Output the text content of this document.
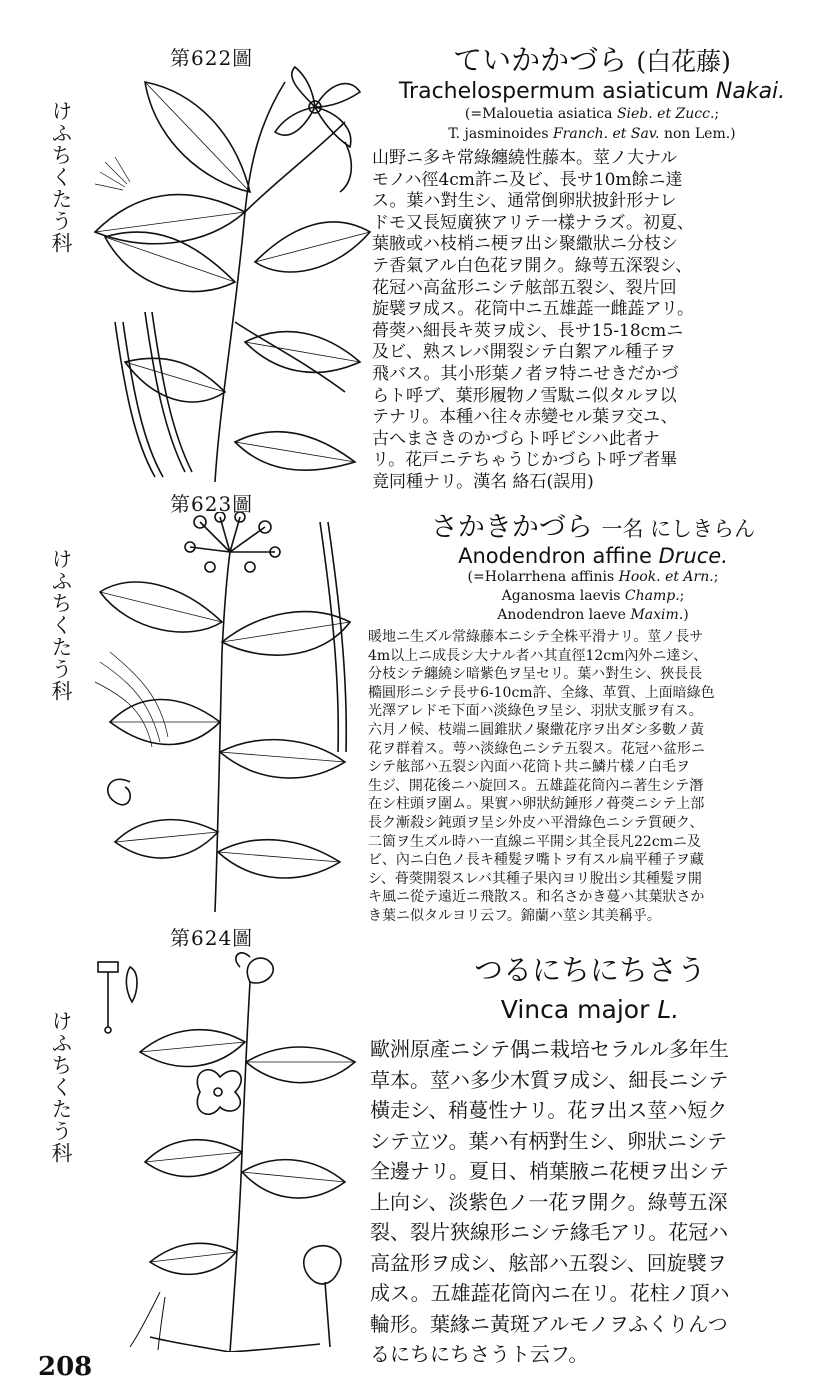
第622圖
けふちくたう科
ていかかづら (白花藤)
Trachelospermum asiaticum Nakai.
(=Malouetia asiatica Sieb. et Zucc.;
T. jasminoides Franch. et Sav. non Lem.)
山野ニ多キ常綠纏繞性藤本。莖ノ大ナル
モノハ徑4cm許ニ及ビ、長サ10m餘ニ達
ス。葉ハ對生シ、通常倒卵狀披針形ナレ
ドモ又長短廣狹アリテ一樣ナラズ。初夏、
葉腋或ハ枝梢ニ梗ヲ出シ聚繖狀ニ分枝シ
テ香氣アル白色花ヲ開ク。綠萼五深裂シ、
花冠ハ高盆形ニシテ舷部五裂シ、裂片回
旋襞ヲ成ス。花筒中ニ五雄蕋一雌蕋アリ。
蓇葖ハ細長キ莢ヲ成シ、長サ15-18cmニ
及ビ、熟スレバ開裂シテ白絮アル種子ヲ
飛バス。其小形葉ノ者ヲ特ニせきだかづ
らト呼ブ、葉形履物ノ雪駄ニ似タルヲ以
テナリ。本種ハ往々赤變セル葉ヲ交ユ、
古へまさきのかづらト呼ビシハ此者ナ
リ。花戸ニテちゃうじかづらト呼ブ者畢
竟同種ナリ。漢名 絡石(誤用)
第623圖
けふちくたう科
さかきかづら 一名 にしきらん
Anodendron affine Druce.
(=Holarrhena affinis Hook. et Arn.;
Aganosma laevis Champ.;
Anodendron laeve Maxim.)
暖地ニ生ズル常綠藤本ニシテ全株平滑ナリ。莖ノ長サ
4m以上ニ成長シ大ナル者ハ其直徑12cm內外ニ達シ、
分枝シテ纏繞シ暗紫色ヲ呈セリ。葉ハ對生シ、狹長長
橢圓形ニシテ長サ6-10cm許、全緣、革質、上面暗綠色
光澤アレドモ下面ハ淡綠色ヲ呈シ、羽狀支脈ヲ有ス。
六月ノ候、枝端ニ圓錐狀ノ聚繖花序ヲ出ダシ多數ノ黃
花ヲ群着ス。萼ハ淡綠色ニシテ五裂ス。花冠ハ盆形ニ
シテ舷部ハ五裂シ內面ハ花筒ト共ニ鱗片樣ノ白毛ヲ
生ジ、開花後ニハ旋回ス。五雄蕋花筒內ニ著生シテ潛
在シ柱頭ヲ圍ム。果實ハ卵狀紡錘形ノ蓇葖ニシテ上部
長ク漸殺シ鈍頭ヲ呈シ外皮ハ平滑綠色ニシテ質硬ク、
二箇ヲ生ズル時ハ一直線ニ平開シ其全長凡22cmニ及
ビ、內ニ白色ノ長キ種髮ヲ嘴トヲ有スル扁平種子ヲ藏
シ、蓇葖開裂スレバ其種子果內ヨリ脫出シ其種髮ヲ開
キ風ニ從テ遠近ニ飛散ス。和名さかき蔓ハ其葉狀さか
き葉ニ似タルヨリ云フ。錦蘭ハ莖シ其美稱乎。
第624圖
けふちくたう科
つるにちにちさう
Vinca major L.
歐洲原產ニシテ偶ニ栽培セラルル多年生
草本。莖ハ多少木質ヲ成シ、細長ニシテ
橫走シ、稍蔓性ナリ。花ヲ出ス莖ハ短ク
シテ立ツ。葉ハ有柄對生シ、卵狀ニシテ
全邊ナリ。夏日、梢葉腋ニ花梗ヲ出シテ
上向シ、淡紫色ノ一花ヲ開ク。綠萼五深
裂、裂片狹線形ニシテ緣毛アリ。花冠ハ
高盆形ヲ成シ、舷部ハ五裂シ、回旋襞ヲ
成ス。五雄蕋花筒內ニ在リ。花柱ノ頂ハ
輪形。葉緣ニ黃斑アルモノヲふくりんつ
るにちにちさうト云フ。
208
